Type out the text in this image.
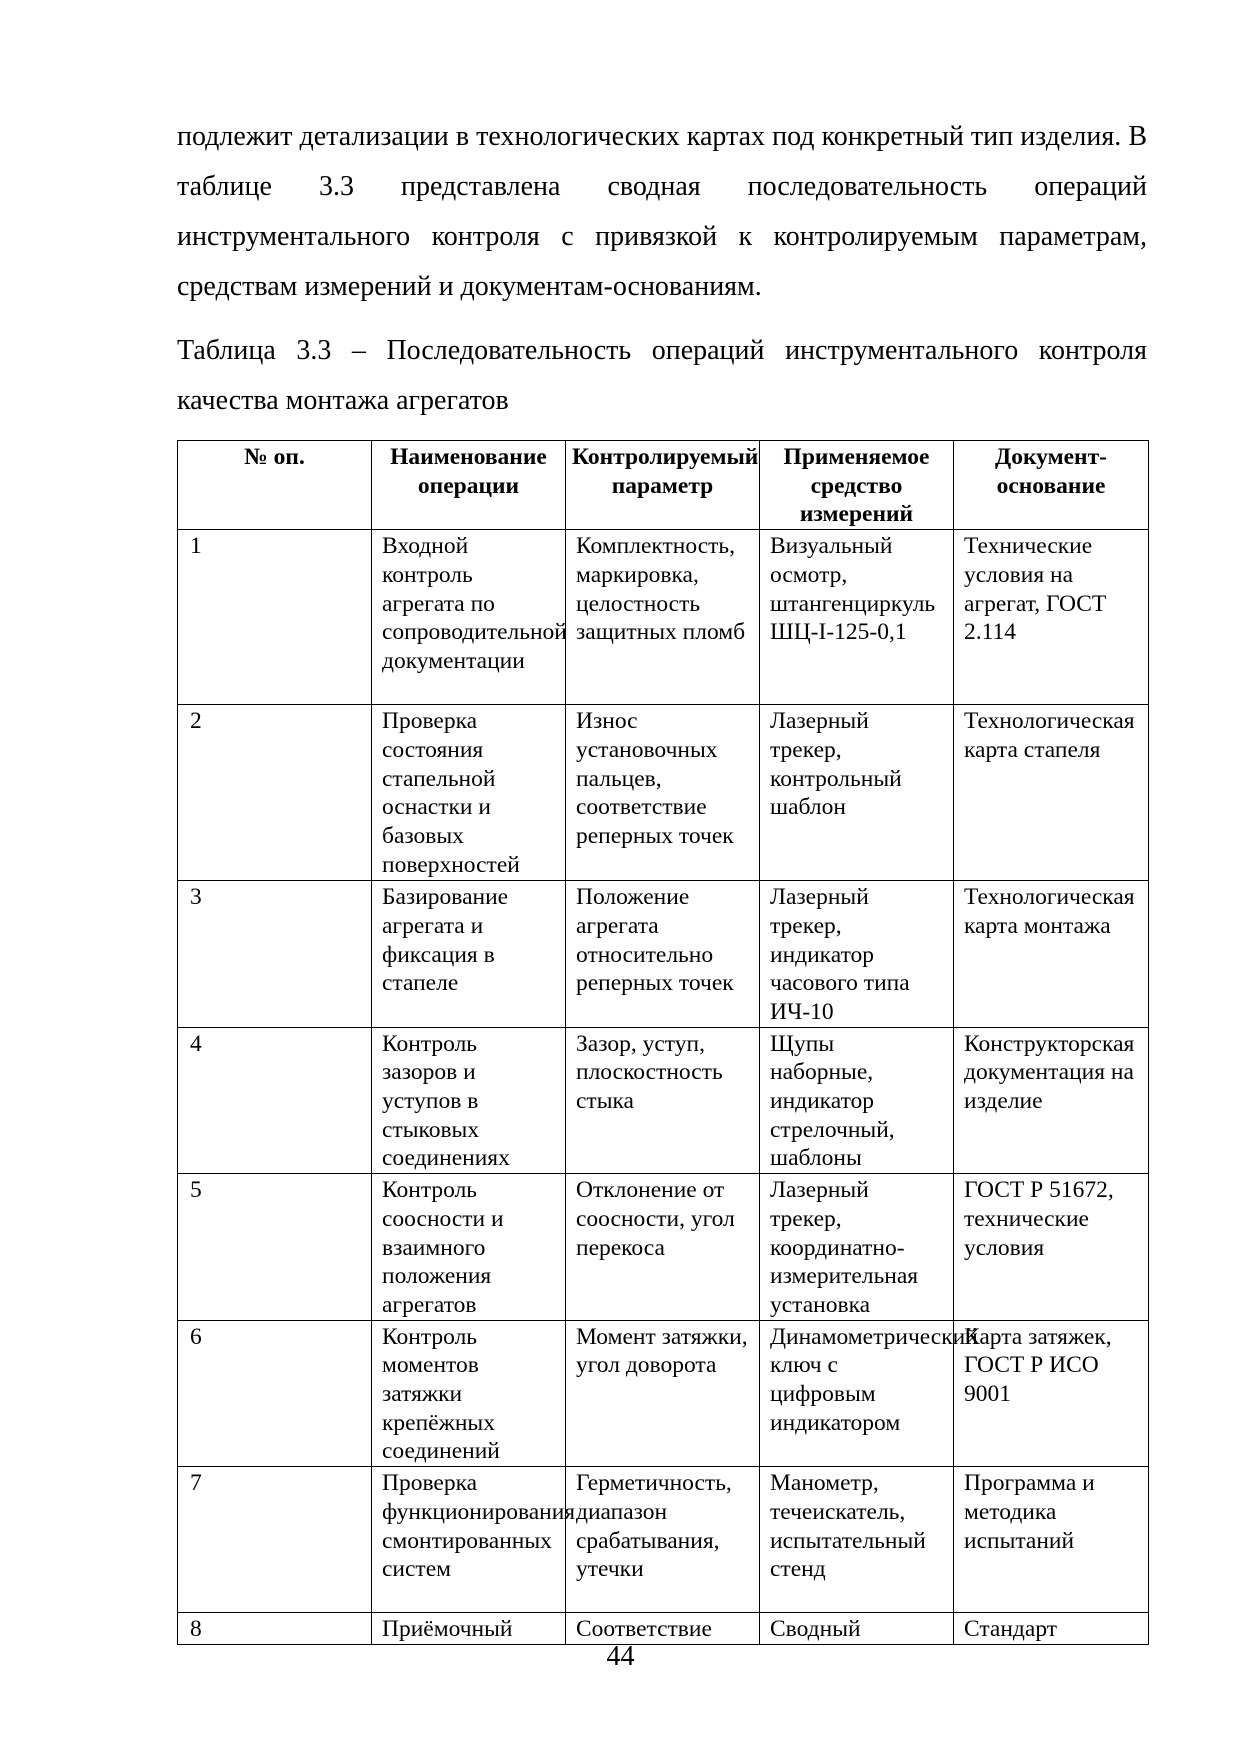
подлежит детализации в технологических картах под конкретный тип изделия. В таблице 3.3 представлена сводная последовательность операций инструментального контроля с привязкой к контролируемым параметрам, средствам измерений и документам-основаниям.

Таблица 3.3 – Последовательность операций инструментального контроля качества монтажа агрегатов

№ оп.	Наименование операции	Контролируемый параметр	Применяемое средство измерений	Документ-основание
1	Входной контроль агрегата по сопроводительной документации	Комплектность, маркировка, целостность защитных пломб	Визуальный осмотр, штангенциркуль ШЦ-I-125-0,1	Технические условия на агрегат, ГОСТ 2.114
2	Проверка состояния стапельной оснастки и базовых поверхностей	Износ установочных пальцев, соответствие реперных точек	Лазерный трекер, контрольный шаблон	Технологическая карта стапеля
3	Базирование агрегата и фиксация в стапеле	Положение агрегата относительно реперных точек	Лазерный трекер, индикатор часового типа ИЧ-10	Технологическая карта монтажа
4	Контроль зазоров и уступов в стыковых соединениях	Зазор, уступ, плоскостность стыка	Щупы наборные, индикатор стрелочный, шаблоны	Конструкторская документация на изделие
5	Контроль соосности и взаимного положения агрегатов	Отклонение от соосности, угол перекоса	Лазерный трекер, координатно-измерительная установка	ГОСТ Р 51672, технические условия
6	Контроль моментов затяжки крепёжных соединений	Момент затяжки, угол доворота	Динамометрический ключ с цифровым индикатором	Карта затяжек, ГОСТ Р ИСО 9001
7	Проверка функционирования смонтированных систем	Герметичность, диапазон срабатывания, утечки	Манометр, течеискатель, испытательный стенд	Программа и методика испытаний
8	Приёмочный	Соответствие	Сводный	Стандарт
44
